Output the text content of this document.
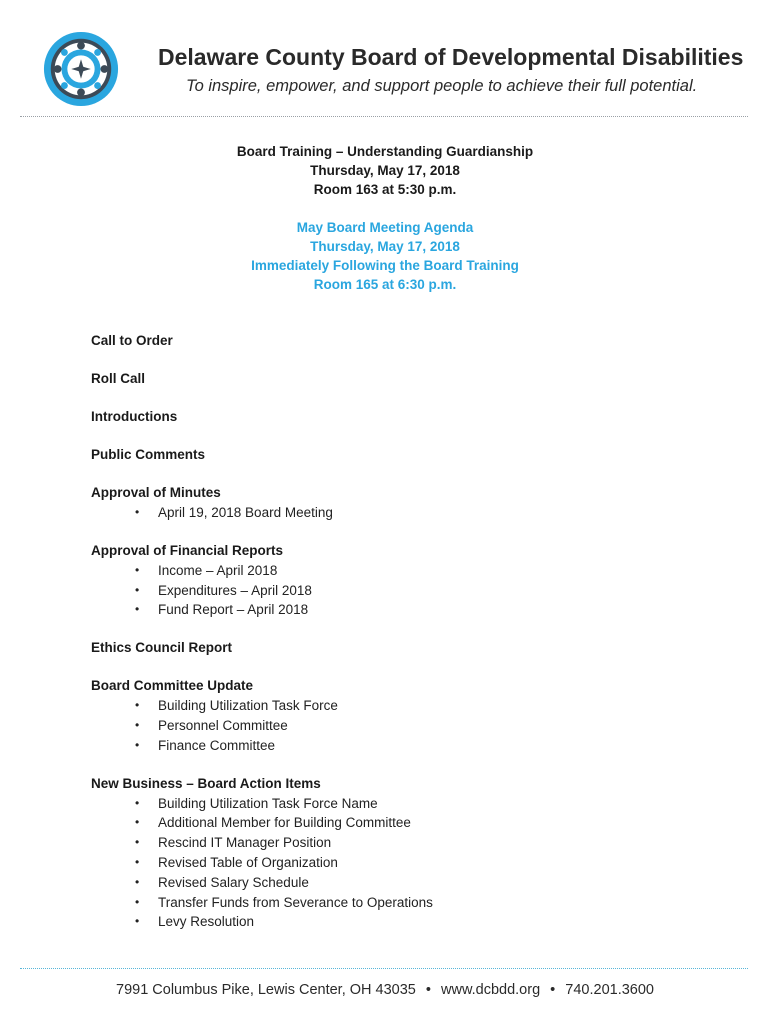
Delaware County Board of Developmental Disabilities
To inspire, empower, and support people to achieve their full potential.
Board Training – Understanding Guardianship
Thursday, May 17, 2018
Room 163 at 5:30 p.m.
May Board Meeting Agenda
Thursday, May 17, 2018
Immediately Following the Board Training
Room 165 at 6:30 p.m.
Call to Order
Roll Call
Introductions
Public Comments
Approval of Minutes
• April 19, 2018 Board Meeting
Approval of Financial Reports
• Income – April 2018
• Expenditures – April 2018
• Fund Report – April 2018
Ethics Council Report
Board Committee Update
• Building Utilization Task Force
• Personnel Committee
• Finance Committee
New Business – Board Action Items
• Building Utilization Task Force Name
• Additional Member for Building Committee
• Rescind IT Manager Position
• Revised Table of Organization
• Revised Salary Schedule
• Transfer Funds from Severance to Operations
• Levy Resolution
7991 Columbus Pike, Lewis Center, OH 43035 • www.dcbdd.org • 740.201.3600
